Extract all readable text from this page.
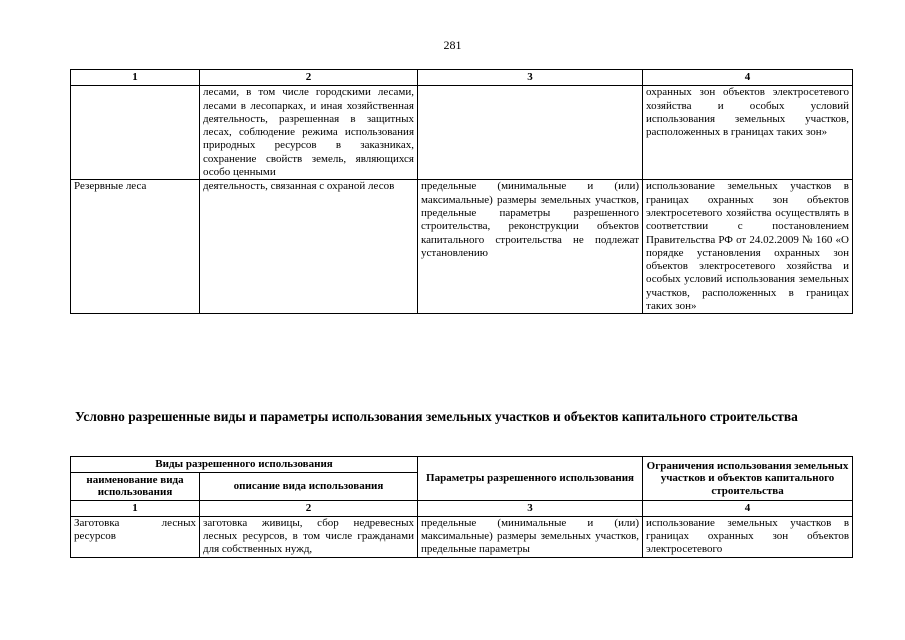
281
1	2	3	4
	лесами, в том числе городскими лесами, лесами в лесопарках, и иная хозяйственная деятельность, разрешенная в защитных лесах, соблюдение режима использования природных ресурсов в заказниках, сохранение свойств земель, являющихся особо ценными		охранных зон объектов электросетевого хозяйства и особых условий использования земельных участков, расположенных в границах таких зон»
Резервные леса	деятельность, связанная с охраной лесов	предельные (минимальные и (или) максимальные) размеры земельных участков, предельные параметры разрешенного строительства, реконструкции объектов капитального строительства не подлежат установлению	использование земельных участков в границах охранных зон объектов электросетевого хозяйства осуществлять в соответствии с постановлением Правительства РФ от 24.02.2009 № 160 «О порядке установления охранных зон объектов электросетевого хозяйства и особых условий использования земельных участков, расположенных в границах таких зон»
Условно разрешенные виды и параметры использования земельных участков и объектов капитального строительства
Виды разрешенного использования		Параметры разрешенного использования	Ограничения использования земельных участков и объектов капитального строительства
наименование вида использования	описание вида использования		
1	2	3	4
Заготовка лесных ресурсов	заготовка живицы, сбор недревесных лесных ресурсов, в том числе гражданами для собственных нужд,	предельные (минимальные и (или) максимальные) размеры земельных участков, предельные параметры	использование земельных участков в границах охранных зон объектов электросетевого
